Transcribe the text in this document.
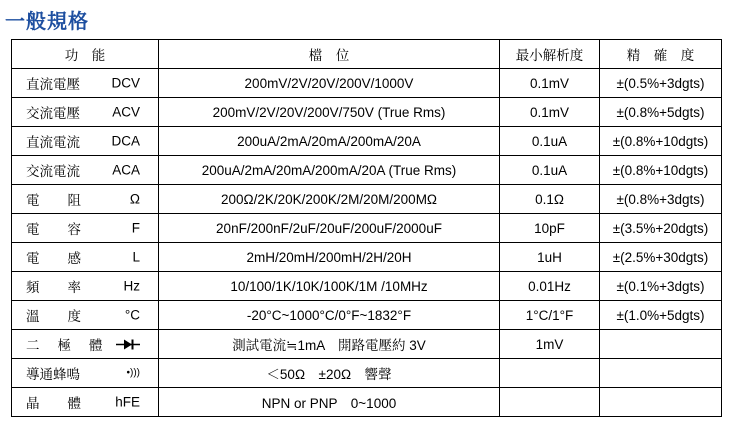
一般規格
功　能	檔　位	最小解析度	精　確　度

直流電壓 DCV	200mV/2V/20V/200V/1000V	0.1mV	±(0.5%+3dgts)

交流電壓 ACV	200mV/2V/20V/200V/750V (True Rms)	0.1mV	±(0.8%+5dgts)

直流電流 DCA	200uA/2mA/20mA/200mA/20A	0.1uA	±(0.8%+10dgts)

交流電流 ACA	200uA/2mA/20mA/200mA/20A (True Rms)	0.1uA	±(0.8%+10dgts)

電阻 Ω	200Ω/2K/20K/200K/2M/20M/200MΩ	0.1Ω	±(0.8%+3dgts)

電容 F	20nF/200nF/2uF/20uF/200uF/2000uF	10pF	±(3.5%+20dgts)

電感 L	2mH/20mH/200mH/2H/20H	1uH	±(2.5%+30dgts)

頻率 Hz	10/100/1K/10K/100K/1M /10MHz	0.01Hz	±(0.1%+3dgts)

溫度 °C	-20°C~1000°C/0°F~1832°F	1°C/1°F	±(1.0%+5dgts)

二極體	測試電流≒1mA　開路電壓約 3V	1mV	

導通蜂鳴 •)))	＜50Ω　±20Ω　響聲		

晶體 hFE	NPN or PNP　0~1000		
